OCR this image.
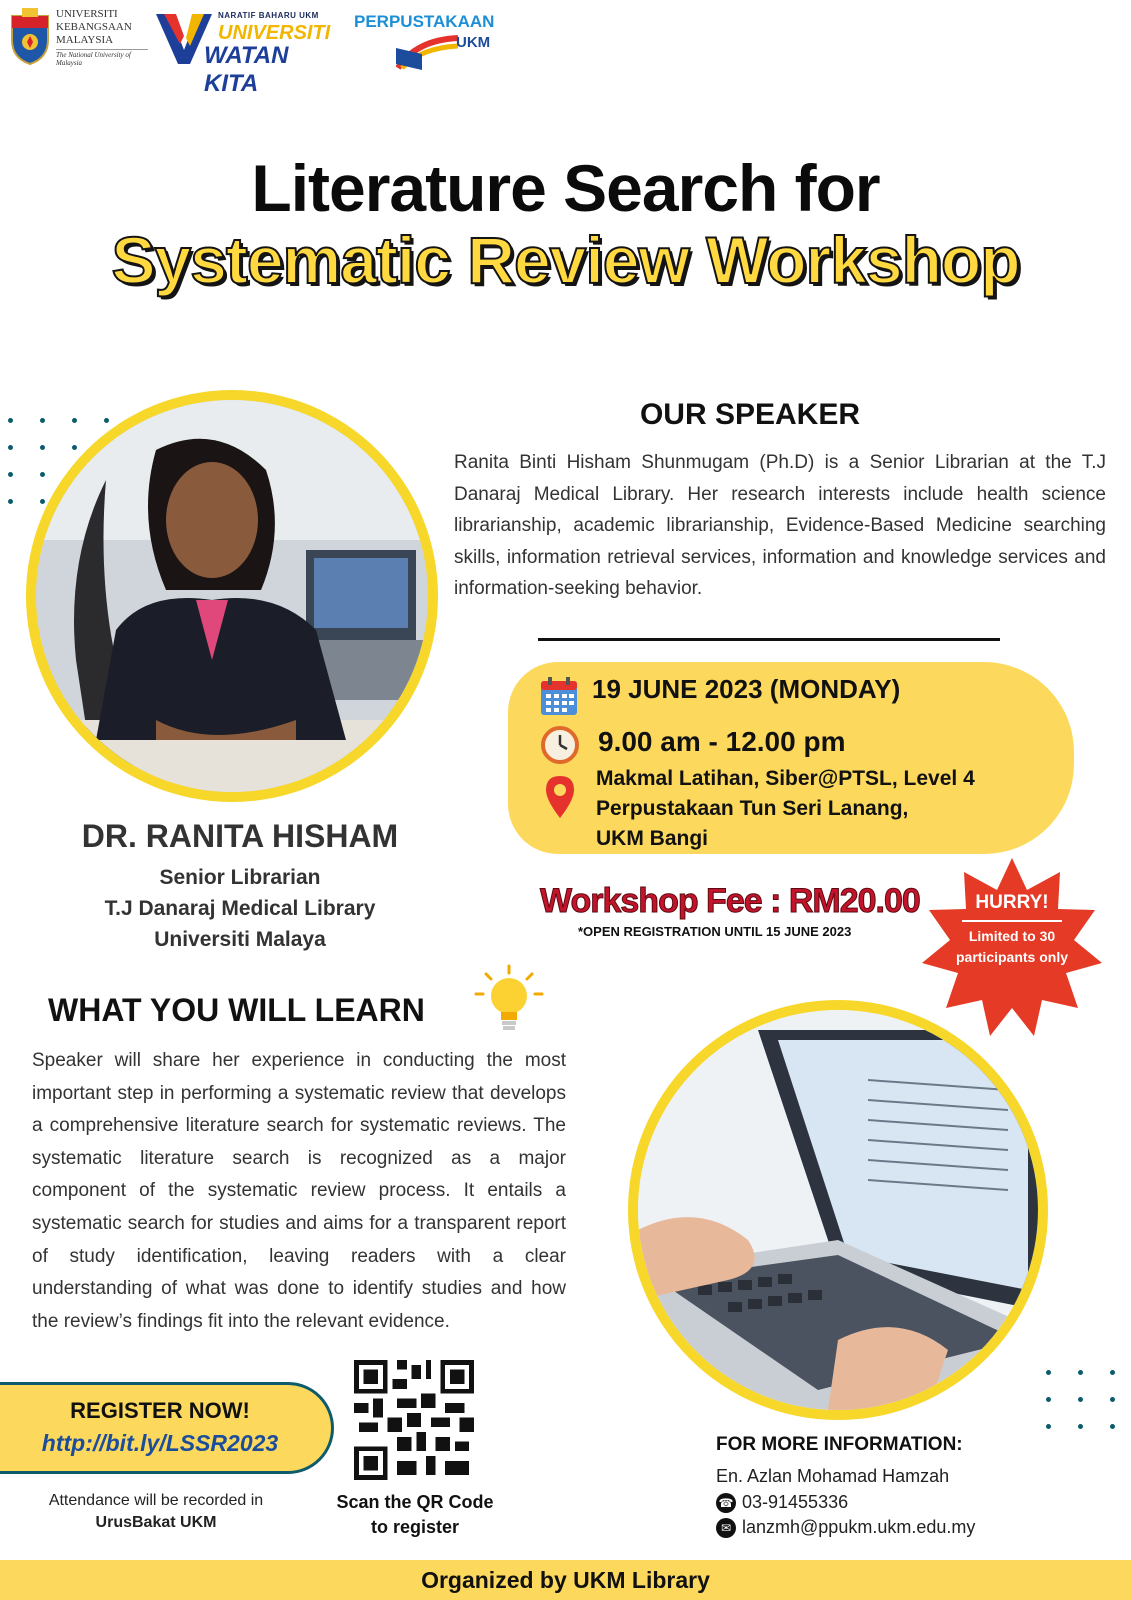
UNIVERSITI
KEBANGSAAN
MALAYSIA
The National University of Malaysia
NARATIF BAHARU UKM
UNIVERSITI
WATAN KITA
PERPUSTAKAAN
UKM
Literature Search for
Systematic Review Workshop
DR. RANITA HISHAM
Senior Librarian
T.J Danaraj Medical Library
Universiti Malaya
OUR SPEAKER
Ranita Binti Hisham Shunmugam (Ph.D) is a Senior Librarian at the T.J Danaraj Medical Library. Her research interests include health science librarianship, academic librarianship, Evidence-Based Medicine searching skills, information retrieval services, information and knowledge services and information-seeking behavior.
19 JUNE 2023 (MONDAY)
9.00 am - 12.00 pm
Makmal Latihan, Siber@PTSL, Level 4
Perpustakaan Tun Seri Lanang,
UKM Bangi
Workshop Fee : RM20.00
*OPEN REGISTRATION UNTIL 15 JUNE 2023
HURRY!
Limited to 30
participants only
WHAT YOU WILL LEARN
Speaker will share her experience in conducting the most important step in performing a systematic review that develops a comprehensive literature search for systematic reviews. The systematic literature search is recognized as a major component of the systematic review process. It entails a systematic search for studies and aims for a transparent report of study identification, leaving readers with a clear understanding of what was done to identify studies and how the review’s findings fit into the relevant evidence.
REGISTER NOW!
http://bit.ly/LSSR2023
Attendance will be recorded in
UrusBakat UKM
Scan the QR Code
to register
FOR MORE INFORMATION:
En. Azlan Mohamad Hamzah
☎ 03-91455336
✉ lanzmh@ppukm.ukm.edu.my
Organized by UKM Library
